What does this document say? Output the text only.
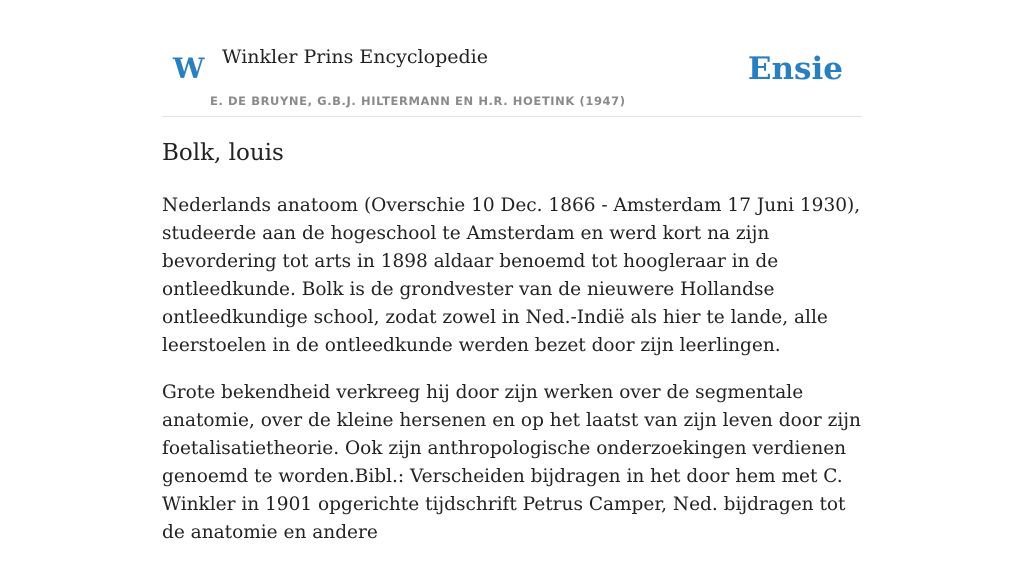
W Winkler Prins Encyclopedie
E. DE BRUYNE, G.B.J. HILTERMANN EN H.R. HOETINK (1947)
Ensie
Bolk, louis

Nederlands anatoom (Overschie 10 Dec. 1866 - Amsterdam 17 Juni 1930), studeerde aan de hogeschool te Amsterdam en werd kort na zijn bevordering tot arts in 1898 aldaar benoemd tot hoogleraar in de ontleedkunde. Bolk is de grondvester van de nieuwere Hollandse ontleedkundige school, zodat zowel in Ned.-Indië als hier te lande, alle leerstoelen in de ontleedkunde werden bezet door zijn leerlingen.

Grote bekendheid verkreeg hij door zijn werken over de segmentale anatomie, over de kleine hersenen en op het laatst van zijn leven door zijn foetalisatietheorie. Ook zijn anthropologische onderzoekingen verdienen genoemd te worden.Bibl.: Verscheiden bijdragen in het door hem met C. Winkler in 1901 opgerichte tijdschrift Petrus Camper, Ned. bijdragen tot de anatomie en andere
